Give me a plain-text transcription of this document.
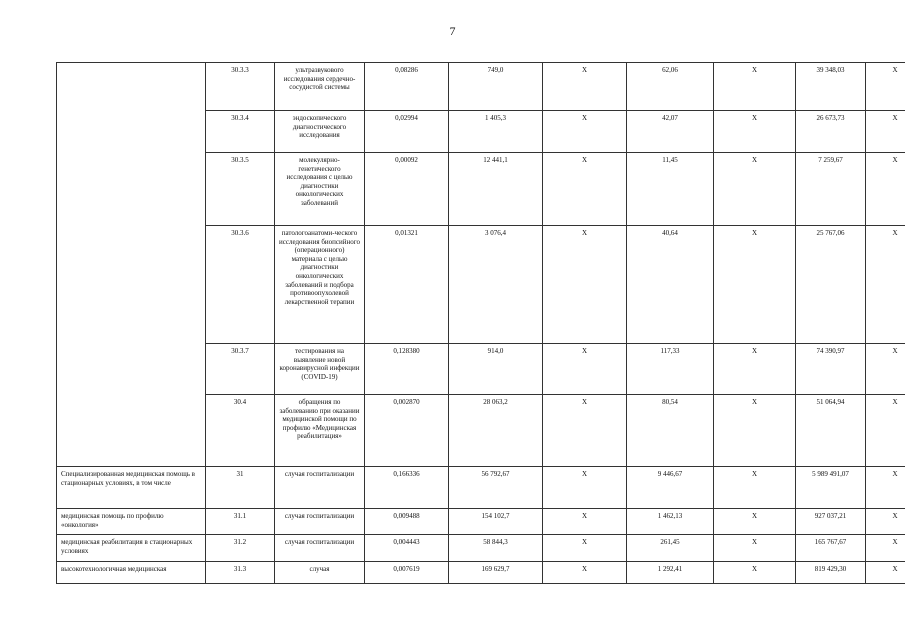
7
	30.3.3	ультразвукового исследования сердечно-сосудистой системы	0,08286	749,0	X	62,06	X	39 348,03	X
	30.3.4	эндоскопического диагностического исследования	0,02994	1 405,3	X	42,07	X	26 673,73	X
	30.3.5	молекулярно-генетического исследования с целью диагностики онкологических заболеваний	0,00092	12 441,1	X	11,45	X	7 259,67	X
	30.3.6	патологоанатоми-ческого исследования биопсийного (операционного) материала с целью диагностики онкологических заболеваний и подбора противоопухолевой лекарственной терапии	0,01321	3 076,4	X	40,64	X	25 767,06	X
	30.3.7	тестирования на выявление новой коронавирусной инфекции (COVID-19)	0,128380	914,0	X	117,33	X	74 390,97	X
	30.4	обращения по заболеванию при оказании медицинской помощи по профилю «Медицинская реабилитация»	0,002870	28 063,2	X	80,54	X	51 064,94	X
Специализированная медицинская помощь в стационарных условиях, в том числе	31	случая госпитализации	0,166336	56 792,67	X	9 446,67	X	5 989 491,07	X
медицинская помощь по профилю «онкология»	31.1	случая госпитализации	0,009488	154 102,7	X	1 462,13	X	927 037,21	X
медицинская реабилитация в стационарных условиях	31.2	случая госпитализации	0,004443	58 844,3	X	261,45	X	165 767,67	X
высокотехнологичная медицинская	31.3	случая	0,007619	169 629,7	X	1 292,41	X	819 429,30	X
